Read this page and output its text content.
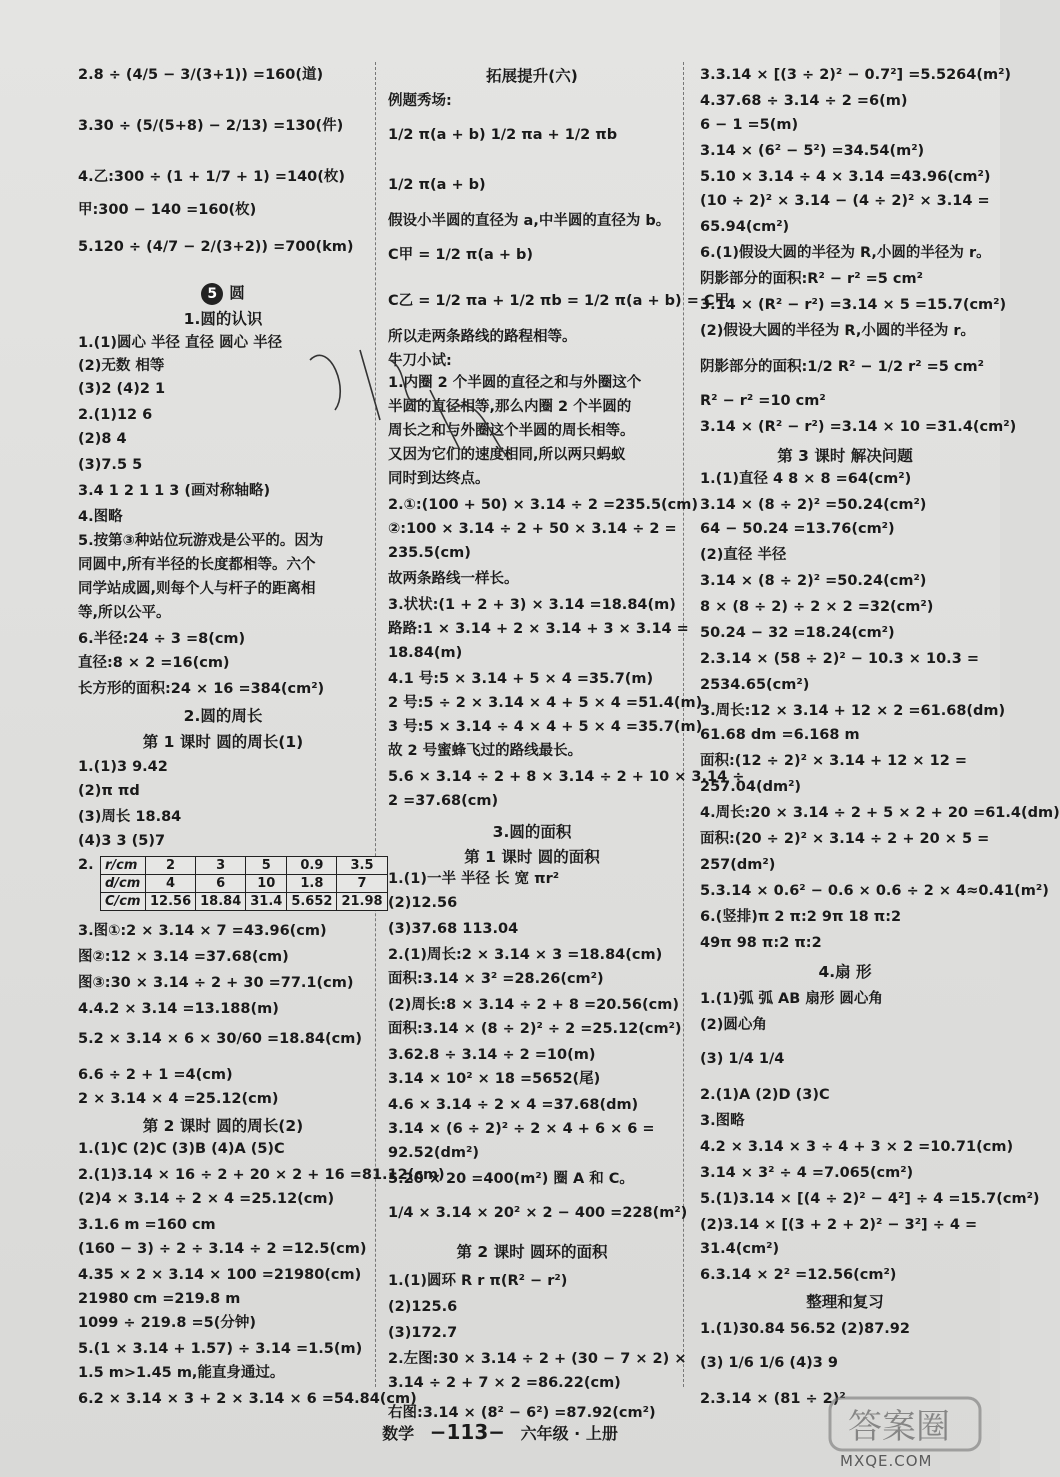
2.8 ÷ (4/5 − 3/(3+1)) =160(道)
3.30 ÷ (5/(5+8) − 2/13) =130(件)
4.乙:300 ÷ (1 + 1/7 + 1) =140(枚)
甲:300 − 140 =160(枚)
5.120 ÷ (4/7 − 2/(3+2)) =700(km)
1.(1)圆心 半径 直径 圆心 半径
(2)无数 相等
(3)2 (4)2 1
2.(1)12 6
(2)8 4
(3)7.5 5
3.4 1 2 1 1 3 (画对称轴略)
4.图略
5.按第③种站位玩游戏是公平的。因为
同圆中,所有半径的长度都相等。六个
同学站成圆,则每个人与杆子的距离相
等,所以公平。
6.半径:24 ÷ 3 =8(cm)
直径:8 × 2 =16(cm)
长方形的面积:24 × 16 =384(cm²)
1.(1)3 9.42
(2)π πd
(3)周长 18.84
(4)3 3 (5)7
3.图①:2 × 3.14 × 7 =43.96(cm)
图②:12 × 3.14 =37.68(cm)
图③:30 × 3.14 ÷ 2 + 30 =77.1(cm)
4.4.2 × 3.14 =13.188(m)
5.2 × 3.14 × 6 × 30/60 =18.84(cm)
6.6 ÷ 2 + 1 =4(cm)
2 × 3.14 × 4 =25.12(cm)
1.(1)C (2)C (3)B (4)A (5)C
2.(1)3.14 × 16 ÷ 2 + 20 × 2 + 16 =81.12(cm)
(2)4 × 3.14 ÷ 2 × 4 =25.12(cm)
3.1.6 m =160 cm
(160 − 3) ÷ 2 ÷ 3.14 ÷ 2 =12.5(cm)
4.35 × 2 × 3.14 × 100 =21980(cm)
21980 cm =219.8 m
1099 ÷ 219.8 =5(分钟)
5.(1 × 3.14 + 1.57) ÷ 3.14 =1.5(m)
1.5 m>1.45 m,能直身通过。
6.2 × 3.14 × 3 + 2 × 3.14 × 6 =54.84(cm)
5 圆
1.圆的认识
2.圆的周长
第 1 课时 圆的周长(1)
第 2 课时 圆的周长(2)
2. r/cm	2	3	5	0.9	3.5
d/cm	4	6	10	1.8	7
C/cm	12.56	18.84	31.4	5.652	21.98
例题秀场:
1/2 π(a + b) 1/2 πa + 1/2 πb
1/2 π(a + b)
假设小半圆的直径为 a,中半圆的直径为 b。
C甲 = 1/2 π(a + b)
C乙 = 1/2 πa + 1/2 πb = 1/2 π(a + b) = C甲
所以走两条路线的路程相等。
牛刀小试:
1.内圈 2 个半圆的直径之和与外圈这个
半圆的直径相等,那么内圈 2 个半圆的
周长之和与外圈这个半圆的周长相等。
又因为它们的速度相同,所以两只蚂蚁
同时到达终点。
2.①:(100 + 50) × 3.14 ÷ 2 =235.5(cm)
②:100 × 3.14 ÷ 2 + 50 × 3.14 ÷ 2 =
235.5(cm)
故两条路线一样长。
3.状状:(1 + 2 + 3) × 3.14 =18.84(m)
路路:1 × 3.14 + 2 × 3.14 + 3 × 3.14 =
18.84(m)
4.1 号:5 × 3.14 + 5 × 4 =35.7(m)
2 号:5 ÷ 2 × 3.14 × 4 + 5 × 4 =51.4(m)
3 号:5 × 3.14 ÷ 4 × 4 + 5 × 4 =35.7(m)
故 2 号蜜蜂飞过的路线最长。
5.6 × 3.14 ÷ 2 + 8 × 3.14 ÷ 2 + 10 × 3.14 ÷
2 =37.68(cm)
1.(1)一半 半径 长 宽 πr²
(2)12.56
(3)37.68 113.04
2.(1)周长:2 × 3.14 × 3 =18.84(cm)
面积:3.14 × 3² =28.26(cm²)
(2)周长:8 × 3.14 ÷ 2 + 8 =20.56(cm)
面积:3.14 × (8 ÷ 2)² ÷ 2 =25.12(cm²)
3.62.8 ÷ 3.14 ÷ 2 =10(m)
3.14 × 10² × 18 =5652(尾)
4.6 × 3.14 ÷ 2 × 4 =37.68(dm)
3.14 × (6 ÷ 2)² ÷ 2 × 4 + 6 × 6 =
92.52(dm²)
5.20 × 20 =400(m²) 圈 A 和 C。
1/4 × 3.14 × 20² × 2 − 400 =228(m²)
1.(1)圆环 R r π(R² − r²)
(2)125.6
(3)172.7
2.左图:30 × 3.14 ÷ 2 + (30 − 7 × 2) ×
3.14 ÷ 2 + 7 × 2 =86.22(cm)
右图:3.14 × (8² − 6²) =87.92(cm²)
拓展提升(六)
3.圆的面积
第 1 课时 圆的面积
第 2 课时 圆环的面积
3.3.14 × [(3 ÷ 2)² − 0.7²] =5.5264(m²)
4.37.68 ÷ 3.14 ÷ 2 =6(m)
6 − 1 =5(m)
3.14 × (6² − 5²) =34.54(m²)
5.10 × 3.14 ÷ 4 × 3.14 =43.96(cm²)
(10 ÷ 2)² × 3.14 − (4 ÷ 2)² × 3.14 =
65.94(cm²)
6.(1)假设大圆的半径为 R,小圆的半径为 r。
阴影部分的面积:R² − r² =5 cm²
3.14 × (R² − r²) =3.14 × 5 =15.7(cm²)
(2)假设大圆的半径为 R,小圆的半径为 r。
阴影部分的面积:1/2 R² − 1/2 r² =5 cm²
R² − r² =10 cm²
3.14 × (R² − r²) =3.14 × 10 =31.4(cm²)
1.(1)直径 4 8 × 8 =64(cm²)
3.14 × (8 ÷ 2)² =50.24(cm²)
64 − 50.24 =13.76(cm²)
(2)直径 半径
3.14 × (8 ÷ 2)² =50.24(cm²)
8 × (8 ÷ 2) ÷ 2 × 2 =32(cm²)
50.24 − 32 =18.24(cm²)
2.3.14 × (58 ÷ 2)² − 10.3 × 10.3 =
2534.65(cm²)
3.周长:12 × 3.14 + 12 × 2 =61.68(dm)
61.68 dm =6.168 m
面积:(12 ÷ 2)² × 3.14 + 12 × 12 =
257.04(dm²)
4.周长:20 × 3.14 ÷ 2 + 5 × 2 + 20 =61.4(dm)
面积:(20 ÷ 2)² × 3.14 ÷ 2 + 20 × 5 =
257(dm²)
5.3.14 × 0.6² − 0.6 × 0.6 ÷ 2 × 4≈0.41(m²)
6.(竖排)π 2 π:2 9π 18 π:2
49π 98 π:2 π:2
1.(1)弧 弧 AB 扇形 圆心角
(2)圆心角
(3) 1/4 1/4
2.(1)A (2)D (3)C
3.图略
4.2 × 3.14 × 3 ÷ 4 + 3 × 2 =10.71(cm)
3.14 × 3² ÷ 4 =7.065(cm²)
5.(1)3.14 × [(4 ÷ 2)² − 4²] ÷ 4 =15.7(cm²)
(2)3.14 × [(3 + 2 + 2)² − 3²] ÷ 4 =
31.4(cm²)
6.3.14 × 2² =12.56(cm²)
1.(1)30.84 56.52 (2)87.92
(3) 1/6 1/6 (4)3 9
2.3.14 × (81 ÷ 2)²
第 3 课时 解决问题
4.扇 形
整理和复习
数学 −113− 六年级 · 上册	答案圈
MXQE.COM
